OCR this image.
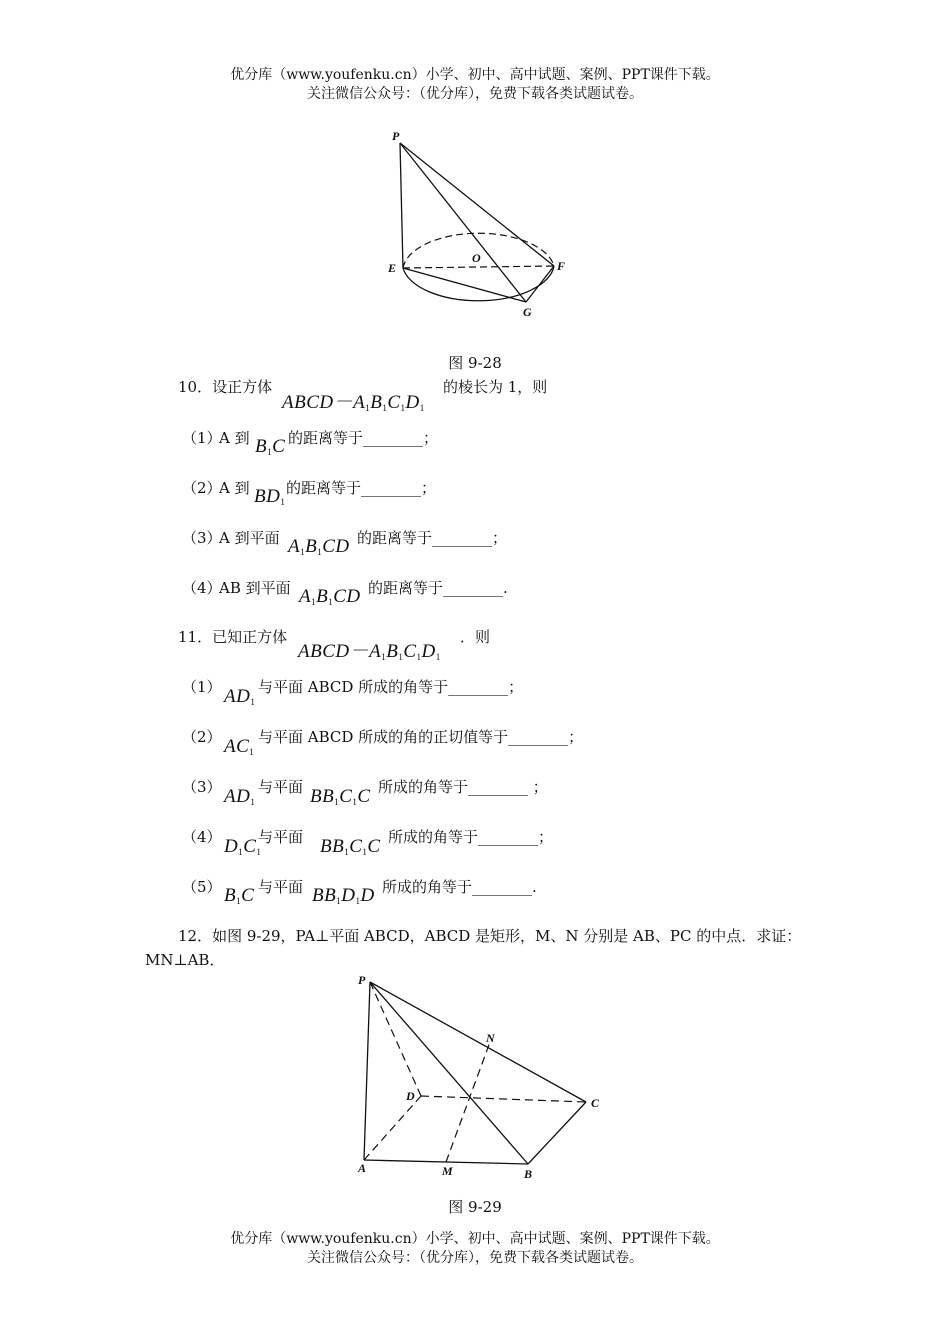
优分库（www.youfenku.cn）小学、初中、高中试题、案例、PPT课件下载。
关注微信公众号：（优分库），免费下载各类试题试卷。
P
E
O
F
G
图 9-28
10．设正方体
$ABCD-A_1B_1C_1D_1$
的棱长为 1，则
（1）
A 到 $B_1C$ 的距离等于________；
（2）
A 到 $BD_1$
的距离等于________；
（3）
A 到平面 $A_1B_1CD$ 的距离等于________；
（4）
AB 到平面 $A_1B_1CD$ 的距离等于________.
11．已知正方体
$ABCD-A_1B_1C_1D_1$
．则
（1） $AD_1$
与平面 ABCD 所成的角等于________；
（2） $AC_1$
与平面 ABCD 所成的角的正切值等于________；
（3） $AD_1$
与平面 $BB_1C_1C$ 所成的角等于________ ；
（4） $D_1C_1$
与平面 $BB_1C_1C$ 所成的角等于________；
（5） $B_1C$ 与平面 $BB_1D_1D$ 所成的角等于________.
12．如图 9-29，PA⊥平面 ABCD，ABCD 是矩形，M、N 分别是 AB、PC 的中点．求证：
MN⊥AB．
P
N
D	C
A	M	B
图 9-29
优分库（www.youfenku.cn）小学、初中、高中试题、案例、PPT课件下载。
关注微信公众号：（优分库），免费下载各类试题试卷。
